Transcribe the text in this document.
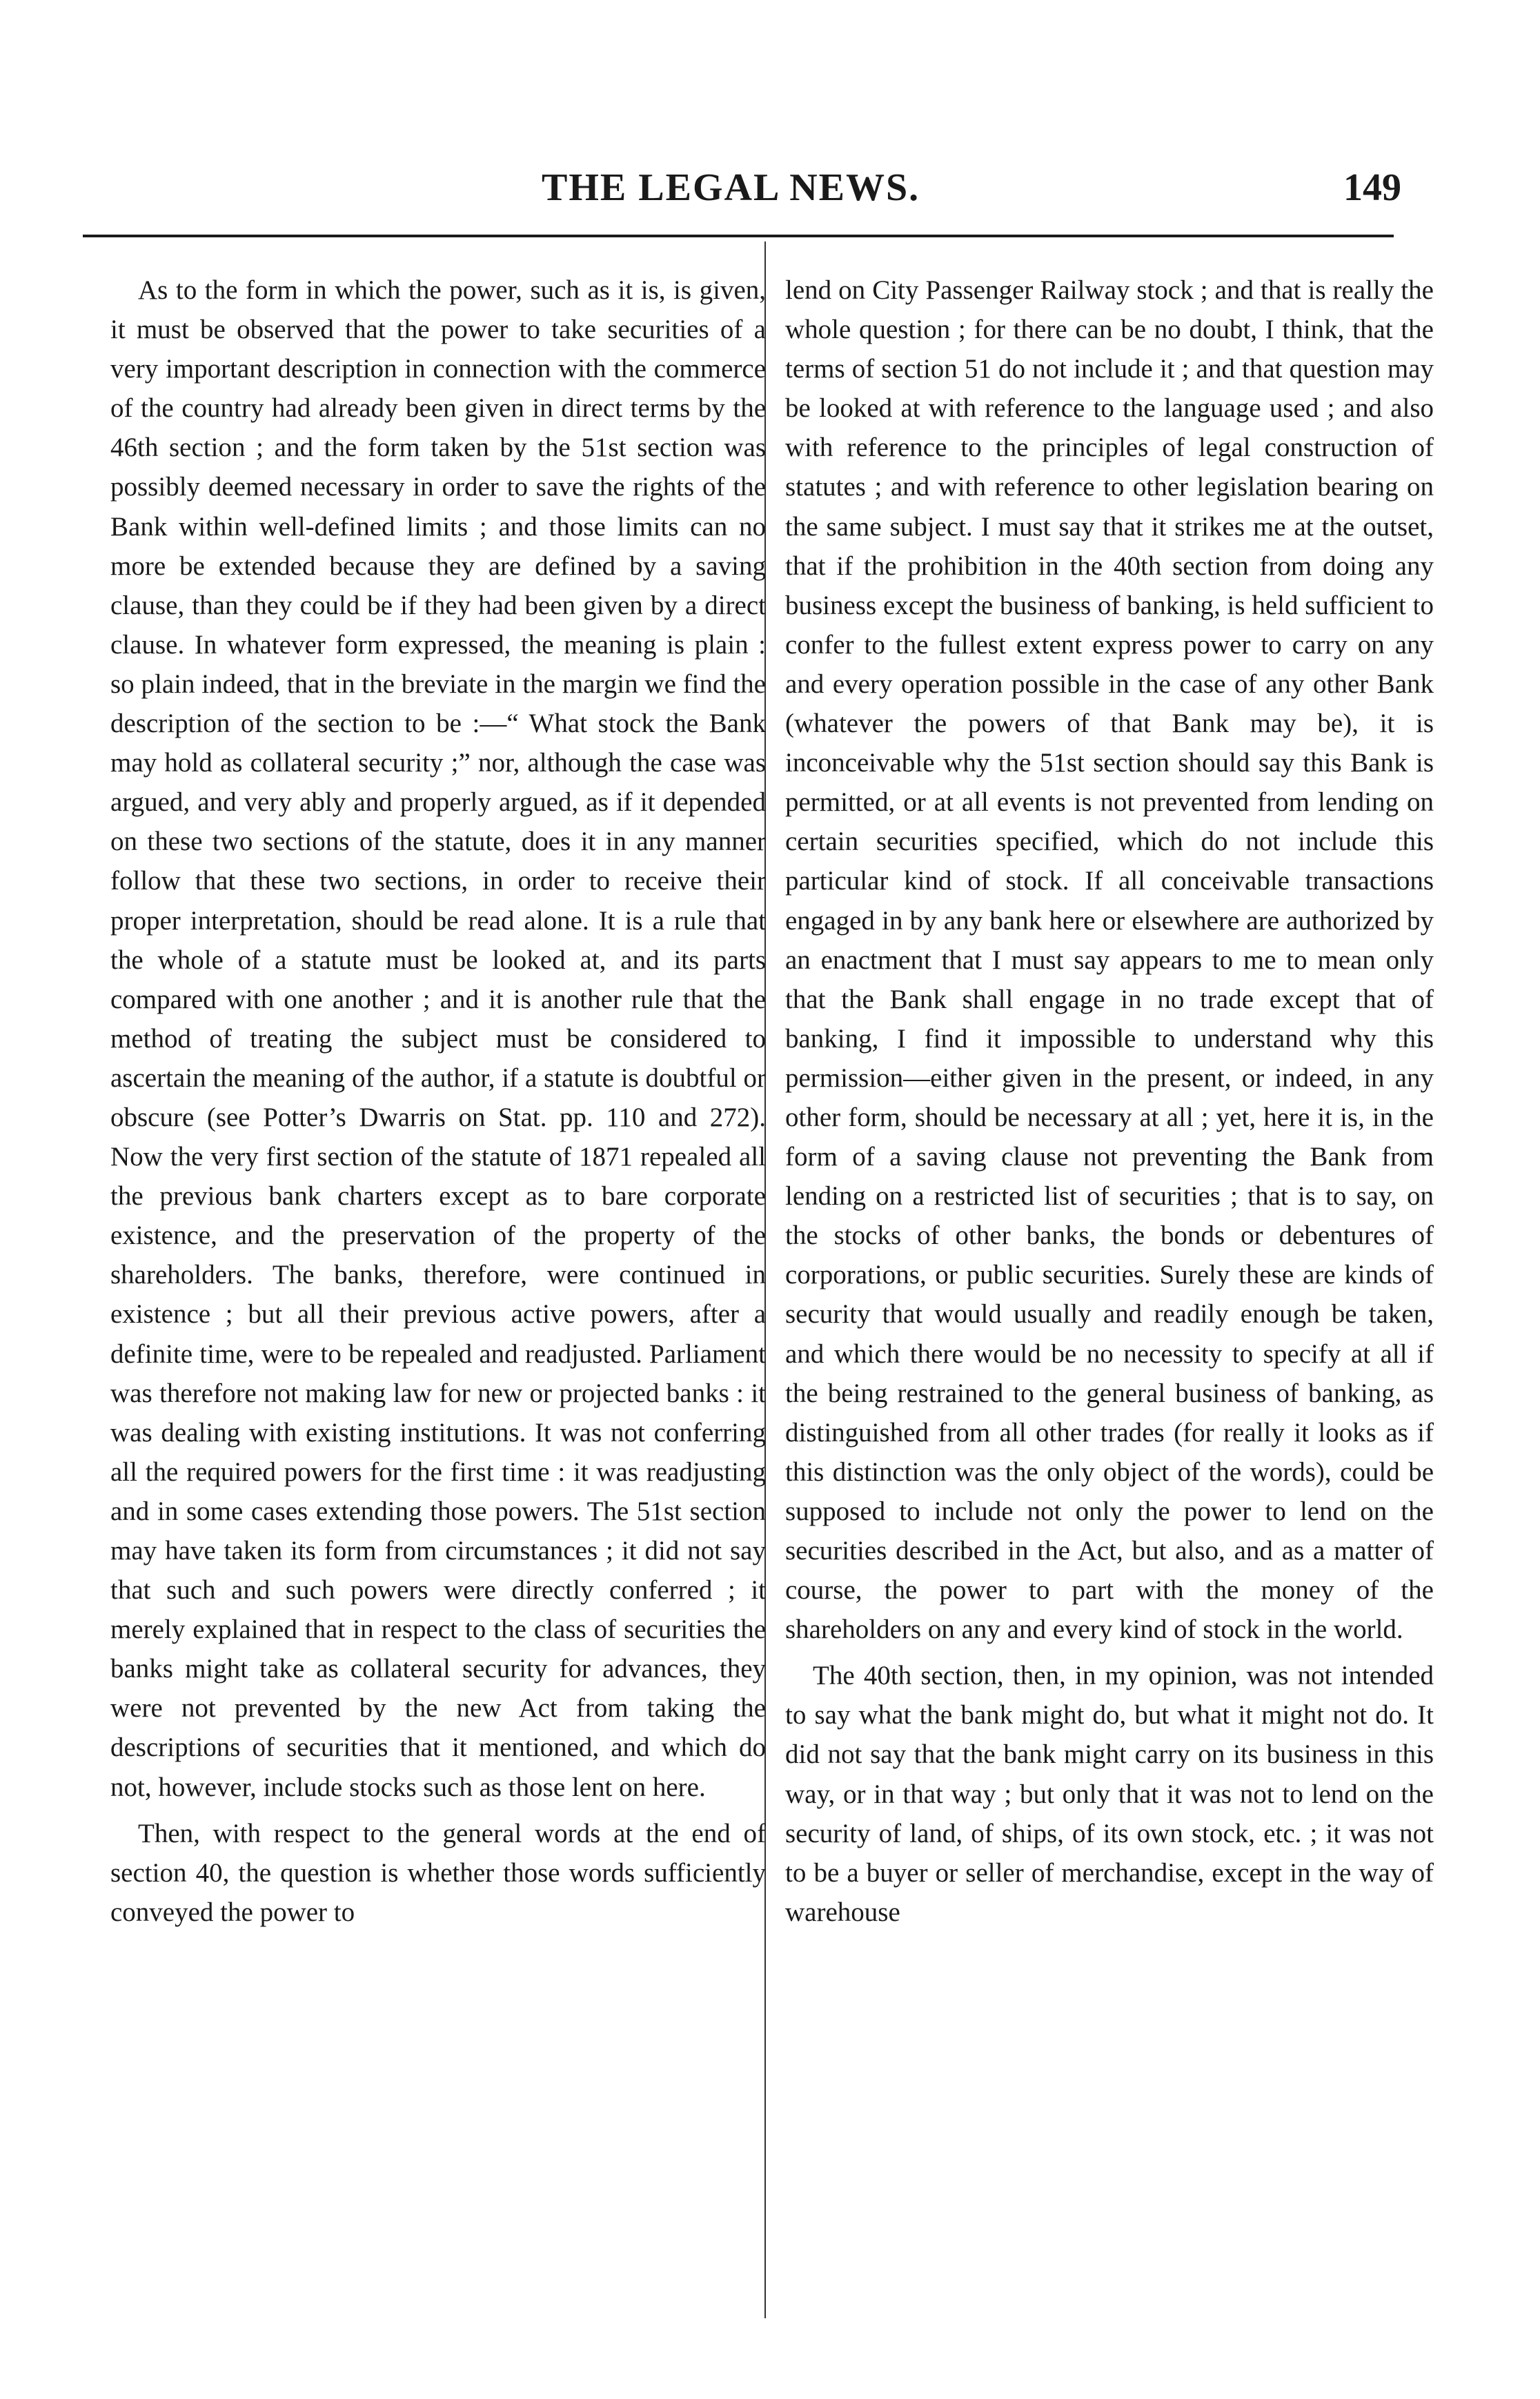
THE LEGAL NEWS.	149

As to the form in which the power, such as it is, is given, it must be observed that the power to take securities of a very important description in connection with the commerce of the country had already been given in direct terms by the 46th section ; and the form taken by the 51st section was possibly deemed necessary in order to save the rights of the Bank within well-defined limits ; and those limits can no more be extended because they are defined by a saving clause, than they could be if they had been given by a direct clause. In whatever form expressed, the meaning is plain : so plain indeed, that in the breviate in the margin we find the description of the section to be :—“ What stock the Bank may hold as collateral security ;” nor, although the case was argued, and very ably and properly argued, as if it depended on these two sections of the statute, does it in any manner follow that these two sections, in order to receive their proper interpretation, should be read alone. It is a rule that the whole of a statute must be looked at, and its parts compared with one another ; and it is another rule that the method of treating the subject must be considered to ascertain the meaning of the author, if a statute is doubtful or obscure (see Potter’s Dwarris on Stat. pp. 110 and 272). Now the very first section of the statute of 1871 repealed all the previous bank charters except as to bare corporate existence, and the preservation of the property of the shareholders. The banks, therefore, were continued in existence ; but all their previous active powers, after a definite time, were to be repealed and readjusted. Parliament was therefore not making law for new or projected banks : it was dealing with existing institutions. It was not conferring all the required powers for the first time : it was readjusting and in some cases extending those powers. The 51st section may have taken its form from circumstances ; it did not say that such and such powers were directly conferred ; it merely explained that in respect to the class of securities the banks might take as collateral security for advances, they were not prevented by the new Act from taking the descriptions of securities that it mentioned, and which do not, however, include stocks such as those lent on here.

Then, with respect to the general words at the end of section 40, the question is whether those words sufficiently conveyed the power to

lend on City Passenger Railway stock ; and that is really the whole question ; for there can be no doubt, I think, that the terms of section 51 do not include it ; and that question may be looked at with reference to the language used ; and also with reference to the principles of legal construction of statutes ; and with reference to other legislation bearing on the same subject. I must say that it strikes me at the outset, that if the prohibition in the 40th section from doing any business except the business of banking, is held sufficient to confer to the fullest extent express power to carry on any and every operation possible in the case of any other Bank (whatever the powers of that Bank may be), it is inconceivable why the 51st section should say this Bank is permitted, or at all events is not prevented from lending on certain securities specified, which do not include this particular kind of stock. If all conceivable transactions engaged in by any bank here or elsewhere are authorized by an enactment that I must say appears to me to mean only that the Bank shall engage in no trade except that of banking, I find it impossible to understand why this permission—either given in the present, or indeed, in any other form, should be necessary at all ; yet, here it is, in the form of a saving clause not preventing the Bank from lending on a restricted list of securities ; that is to say, on the stocks of other banks, the bonds or debentures of corporations, or public securities. Surely these are kinds of security that would usually and readily enough be taken, and which there would be no necessity to specify at all if the being restrained to the general business of banking, as distinguished from all other trades (for really it looks as if this distinction was the only object of the words), could be supposed to include not only the power to lend on the securities described in the Act, but also, and as a matter of course, the power to part with the money of the shareholders on any and every kind of stock in the world.

The 40th section, then, in my opinion, was not intended to say what the bank might do, but what it might not do. It did not say that the bank might carry on its business in this way, or in that way ; but only that it was not to lend on the security of land, of ships, of its own stock, etc. ; it was not to be a buyer or seller of merchandise, except in the way of warehouse
